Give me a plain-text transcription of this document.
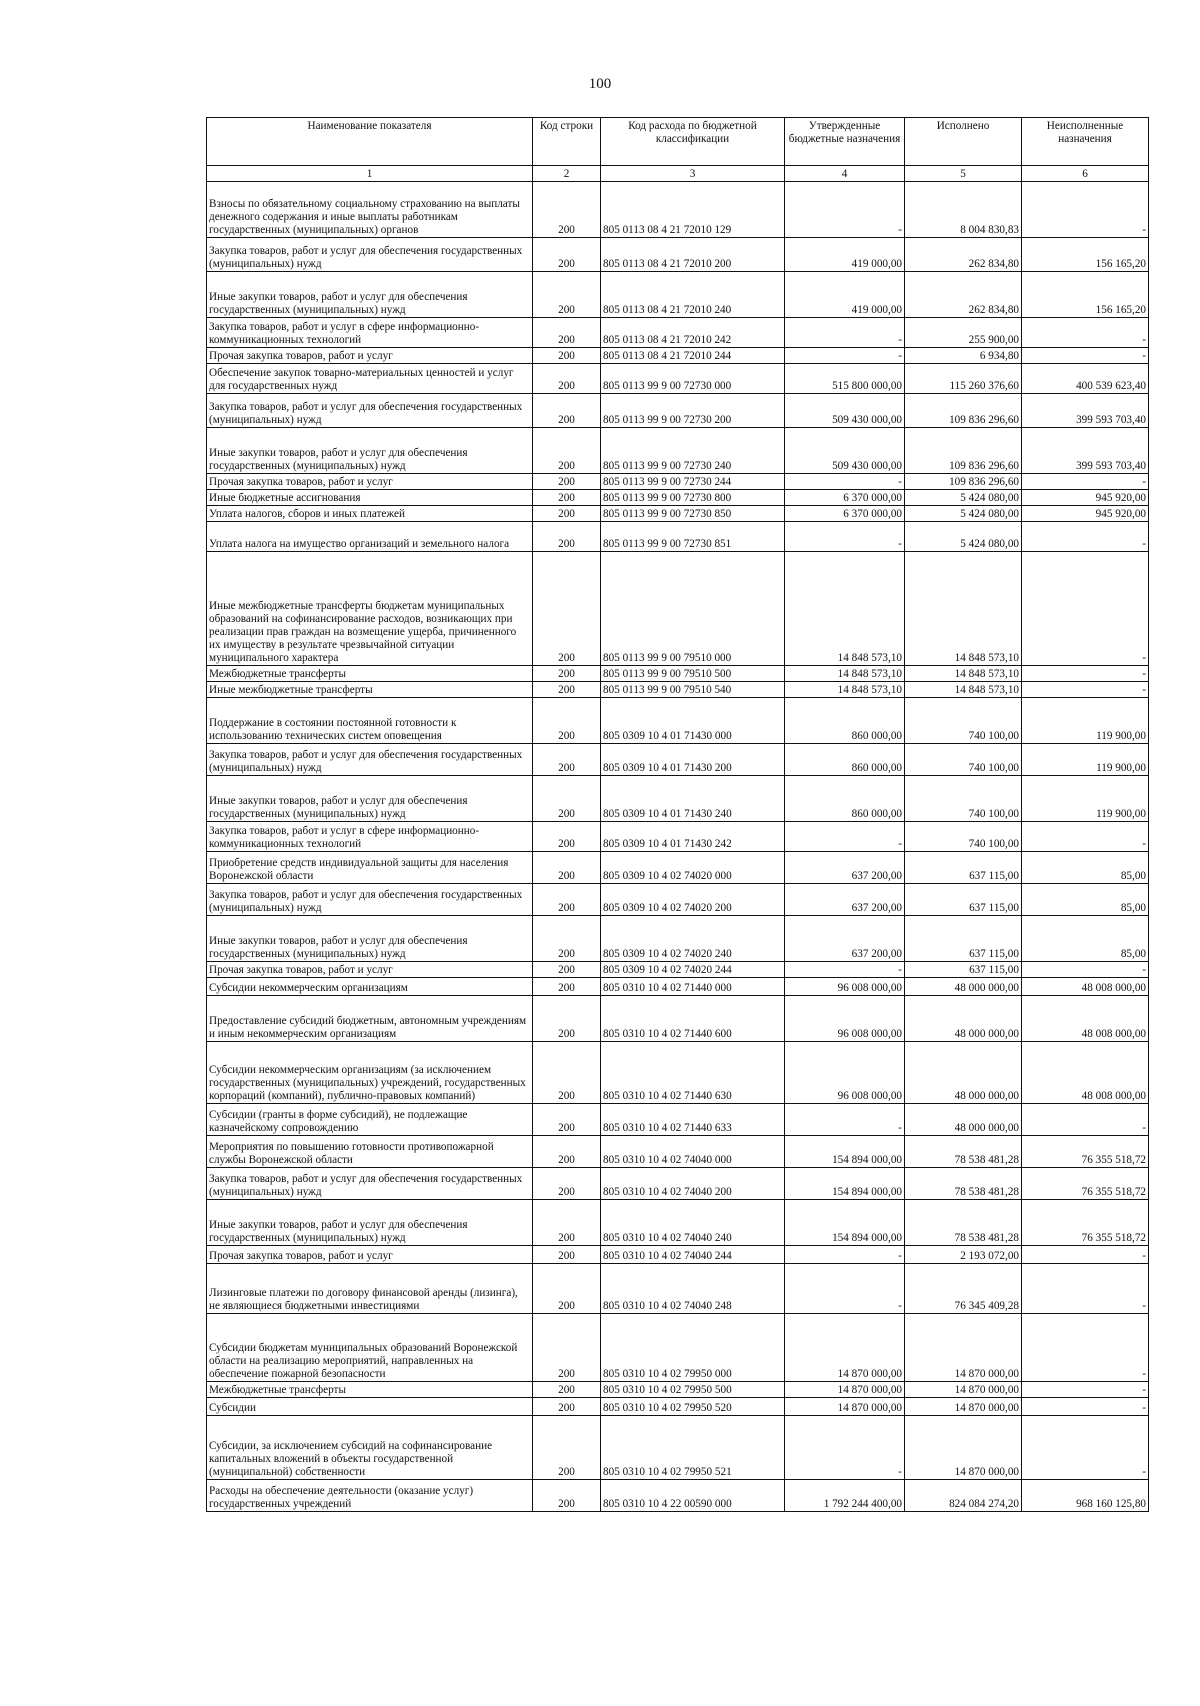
100
Наименование показателя	Код строки	Код расхода по бюджетной классификации	Утвержденные бюджетные назначения	Исполнено	Неисполненные назначения
1	2	3	4	5	6
Взносы по обязательному социальному страхованию на выплаты денежного содержания и иные выплаты работникам государственных (муниципальных) органов	200	805 0113 08 4 21 72010 129	-	8 004 830,83	-
Закупка товаров, работ и услуг для обеспечения государственных (муниципальных) нужд	200	805 0113 08 4 21 72010 200	419 000,00	262 834,80	156 165,20
Иные закупки товаров, работ и услуг для обеспечения государственных (муниципальных) нужд	200	805 0113 08 4 21 72010 240	419 000,00	262 834,80	156 165,20
Закупка товаров, работ и услуг в сфере информационно-коммуникационных технологий	200	805 0113 08 4 21 72010 242	-	255 900,00	-
Прочая закупка товаров, работ и услуг	200	805 0113 08 4 21 72010 244	-	6 934,80	-
Обеспечение закупок товарно-материальных ценностей и услуг для государственных нужд	200	805 0113 99 9 00 72730 000	515 800 000,00	115 260 376,60	400 539 623,40
Закупка товаров, работ и услуг для обеспечения государственных (муниципальных) нужд	200	805 0113 99 9 00 72730 200	509 430 000,00	109 836 296,60	399 593 703,40
Иные закупки товаров, работ и услуг для обеспечения государственных (муниципальных) нужд	200	805 0113 99 9 00 72730 240	509 430 000,00	109 836 296,60	399 593 703,40
Прочая закупка товаров, работ и услуг	200	805 0113 99 9 00 72730 244	-	109 836 296,60	-
Иные бюджетные ассигнования	200	805 0113 99 9 00 72730 800	6 370 000,00	5 424 080,00	945 920,00
Уплата налогов, сборов и иных платежей	200	805 0113 99 9 00 72730 850	6 370 000,00	5 424 080,00	945 920,00
Уплата налога на имущество организаций и земельного налога	200	805 0113 99 9 00 72730 851	-	5 424 080,00	-
Иные межбюджетные трансферты бюджетам муниципальных образований на софинансирование расходов, возникающих при реализации прав граждан на возмещение ущерба, причиненного их имуществу в результате чрезвычайной ситуации муниципального характера	200	805 0113 99 9 00 79510 000	14 848 573,10	14 848 573,10	-
Межбюджетные трансферты	200	805 0113 99 9 00 79510 500	14 848 573,10	14 848 573,10	-
Иные межбюджетные трансферты	200	805 0113 99 9 00 79510 540	14 848 573,10	14 848 573,10	-
Поддержание в состоянии постоянной готовности к использованию технических систем оповещения	200	805 0309 10 4 01 71430 000	860 000,00	740 100,00	119 900,00
Закупка товаров, работ и услуг для обеспечения государственных (муниципальных) нужд	200	805 0309 10 4 01 71430 200	860 000,00	740 100,00	119 900,00
Иные закупки товаров, работ и услуг для обеспечения государственных (муниципальных) нужд	200	805 0309 10 4 01 71430 240	860 000,00	740 100,00	119 900,00
Закупка товаров, работ и услуг в сфере информационно-коммуникационных технологий	200	805 0309 10 4 01 71430 242	-	740 100,00	-
Приобретение средств индивидуальной защиты для населения Воронежской области	200	805 0309 10 4 02 74020 000	637 200,00	637 115,00	85,00
Закупка товаров, работ и услуг для обеспечения государственных (муниципальных) нужд	200	805 0309 10 4 02 74020 200	637 200,00	637 115,00	85,00
Иные закупки товаров, работ и услуг для обеспечения государственных (муниципальных) нужд	200	805 0309 10 4 02 74020 240	637 200,00	637 115,00	85,00
Прочая закупка товаров, работ и услуг	200	805 0309 10 4 02 74020 244	-	637 115,00	-
Субсидии некоммерческим организациям	200	805 0310 10 4 02 71440 000	96 008 000,00	48 000 000,00	48 008 000,00
Предоставление субсидий бюджетным, автономным учреждениям и иным некоммерческим организациям	200	805 0310 10 4 02 71440 600	96 008 000,00	48 000 000,00	48 008 000,00
Субсидии некоммерческим организациям (за исключением государственных (муниципальных) учреждений, государственных корпораций (компаний), публично-правовых компаний)	200	805 0310 10 4 02 71440 630	96 008 000,00	48 000 000,00	48 008 000,00
Субсидии (гранты в форме субсидий), не подлежащие казначейскому сопровождению	200	805 0310 10 4 02 71440 633	-	48 000 000,00	-
Мероприятия по повышению готовности противопожарной службы Воронежской области	200	805 0310 10 4 02 74040 000	154 894 000,00	78 538 481,28	76 355 518,72
Закупка товаров, работ и услуг для обеспечения государственных (муниципальных) нужд	200	805 0310 10 4 02 74040 200	154 894 000,00	78 538 481,28	76 355 518,72
Иные закупки товаров, работ и услуг для обеспечения государственных (муниципальных) нужд	200	805 0310 10 4 02 74040 240	154 894 000,00	78 538 481,28	76 355 518,72
Прочая закупка товаров, работ и услуг	200	805 0310 10 4 02 74040 244	-	2 193 072,00	-
Лизинговые платежи по договору финансовой аренды (лизинга), не являющиеся бюджетными инвестициями	200	805 0310 10 4 02 74040 248	-	76 345 409,28	-
Субсидии бюджетам муниципальных образований Воронежской области на реализацию мероприятий, направленных на обеспечение пожарной безопасности	200	805 0310 10 4 02 79950 000	14 870 000,00	14 870 000,00	-
Межбюджетные трансферты	200	805 0310 10 4 02 79950 500	14 870 000,00	14 870 000,00	-
Субсидии	200	805 0310 10 4 02 79950 520	14 870 000,00	14 870 000,00	-
Субсидии, за исключением субсидий на софинансирование капитальных вложений в объекты государственной (муниципальной) собственности	200	805 0310 10 4 02 79950 521	-	14 870 000,00	-
Расходы на обеспечение деятельности (оказание услуг) государственных учреждений	200	805 0310 10 4 22 00590 000	1 792 244 400,00	824 084 274,20	968 160 125,80
